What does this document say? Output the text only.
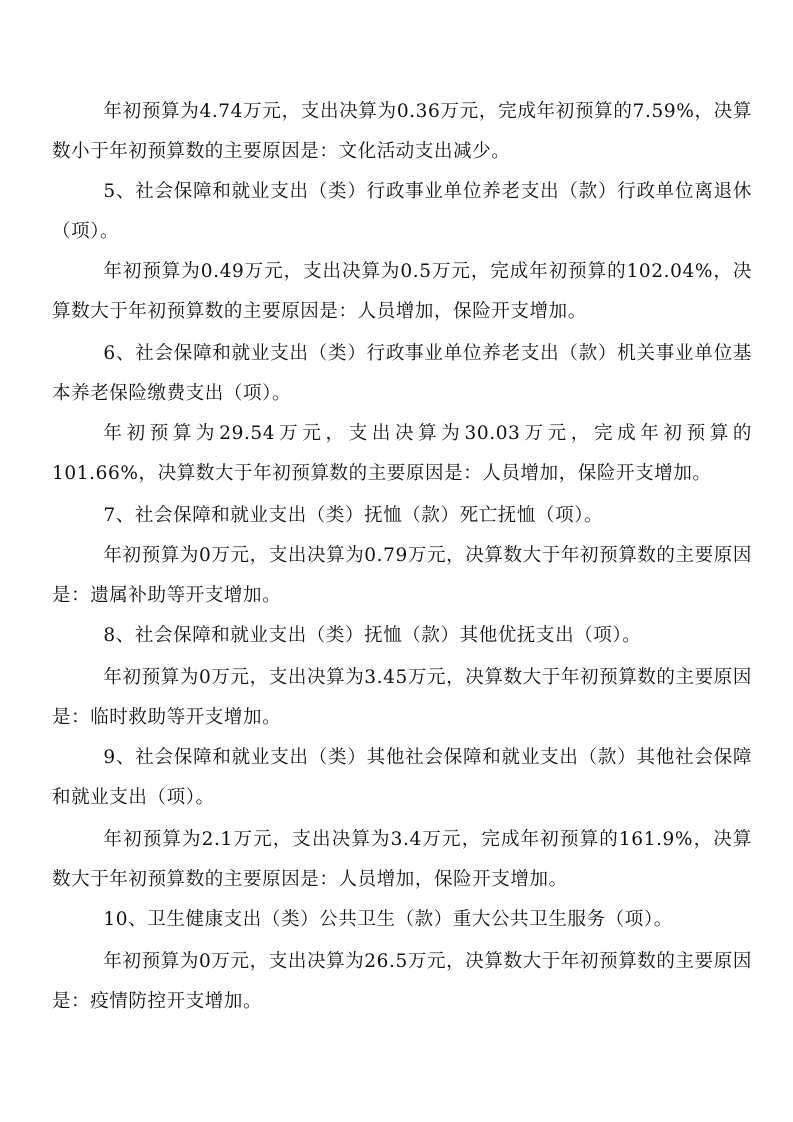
年初预算为4.74万元，支出决算为0.36万元，完成年初预算的7.59%，决算数小于年初预算数的主要原因是：文化活动支出减少。

5、社会保障和就业支出（类）行政事业单位养老支出（款）行政单位离退休（项）。

年初预算为0.49万元，支出决算为0.5万元，完成年初预算的102.04%，决算数大于年初预算数的主要原因是：人员增加，保险开支增加。

6、社会保障和就业支出（类）行政事业单位养老支出（款）机关事业单位基本养老保险缴费支出（项）。

年初预算为29.54万元，支出决算为30.03万元，完成年初预算的101.66%，决算数大于年初预算数的主要原因是：人员增加，保险开支增加。

7、社会保障和就业支出（类）抚恤（款）死亡抚恤（项）。

年初预算为0万元，支出决算为0.79万元，决算数大于年初预算数的主要原因是：遗属补助等开支增加。

8、社会保障和就业支出（类）抚恤（款）其他优抚支出（项）。

年初预算为0万元，支出决算为3.45万元，决算数大于年初预算数的主要原因是：临时救助等开支增加。

9、社会保障和就业支出（类）其他社会保障和就业支出（款）其他社会保障和就业支出（项）。

年初预算为2.1万元，支出决算为3.4万元，完成年初预算的161.9%，决算数大于年初预算数的主要原因是：人员增加，保险开支增加。

10、卫生健康支出（类）公共卫生（款）重大公共卫生服务（项）。

年初预算为0万元，支出决算为26.5万元，决算数大于年初预算数的主要原因是：疫情防控开支增加。
